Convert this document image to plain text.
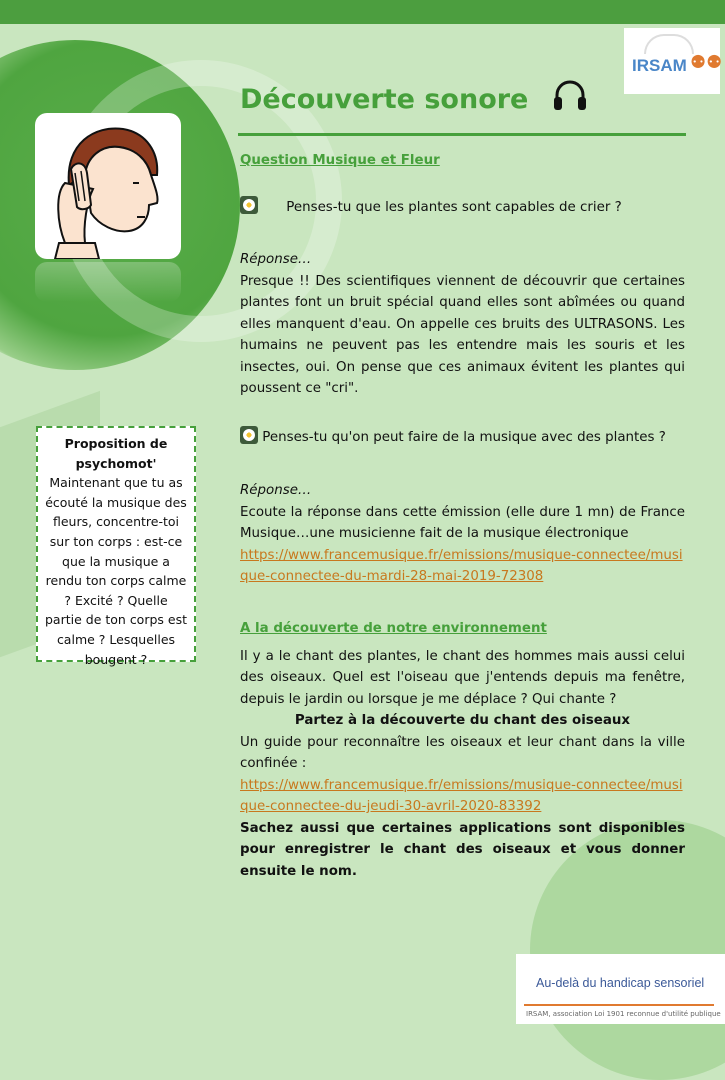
IRSAM ⚉⚉
Découverte sonore
Question Musique et Fleur
Penses-tu que les plantes sont capables de crier ?
Réponse…
Presque !! Des scientifiques viennent de découvrir que certaines plantes font un bruit spécial quand elles sont abîmées ou quand elles manquent d'eau. On appelle ces bruits des ULTRASONS. Les humains ne peuvent pas les entendre mais les souris et les insectes, oui. On pense que ces animaux évitent les plantes qui poussent ce "cri".
Penses-tu qu'on peut faire de la musique avec des plantes ?
Réponse…
Ecoute la réponse dans cette émission (elle dure 1 mn) de France Musique…une musicienne fait de la musique électronique
https://www.francemusique.fr/emissions/musique-connectee/musique-connectee-du-mardi-28-mai-2019-72308
A la découverte de notre environnement
Il y a le chant des plantes, le chant des hommes mais aussi celui des oiseaux. Quel est l'oiseau que j'entends depuis ma fenêtre, depuis le jardin ou lorsque je me déplace ? Qui chante ?
Partez à la découverte du chant des oiseaux
Un guide pour reconnaître les oiseaux et leur chant dans la ville confinée :
https://www.francemusique.fr/emissions/musique-connectee/musique-connectee-du-jeudi-30-avril-2020-83392
Sachez aussi que certaines applications sont disponibles pour enregistrer le chant des oiseaux et vous donner ensuite le nom.
Proposition de psychomot'
Maintenant que tu as écouté la musique des fleurs, concentre-toi sur ton corps : est-ce que la musique a rendu ton corps calme ? Excité ? Quelle partie de ton corps est calme ? Lesquelles bougent ?
Au-delà du handicap sensoriel
IRSAM, association Loi 1901 reconnue d'utilité publique
